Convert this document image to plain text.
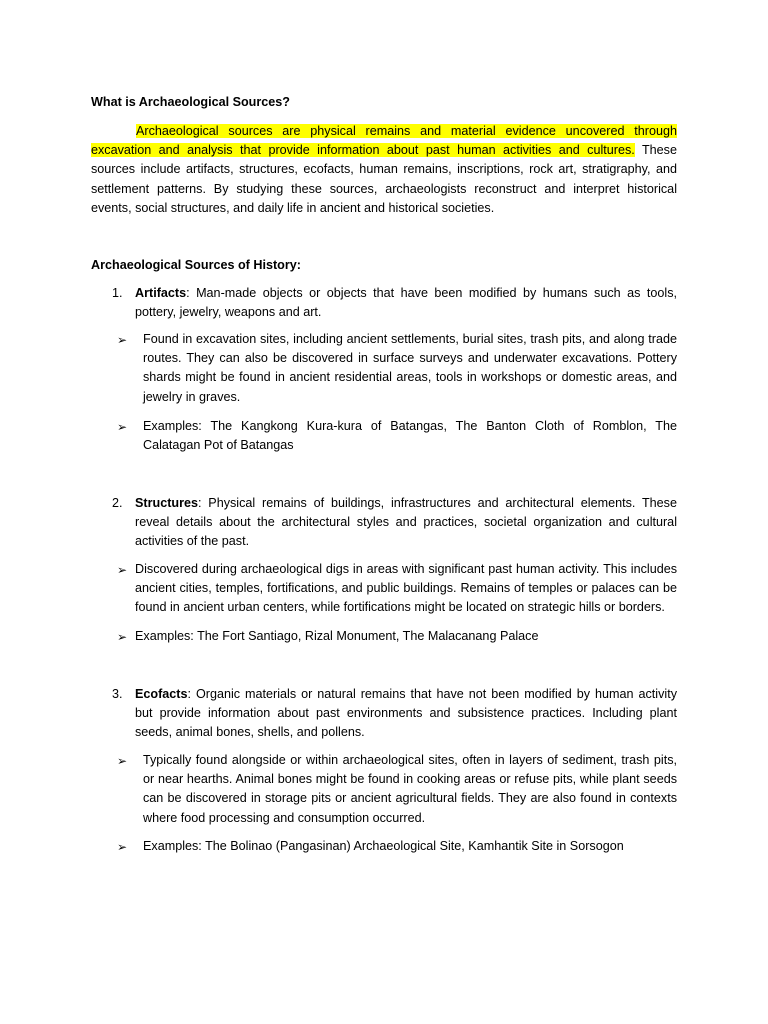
What is Archaeological Sources?
Archaeological sources are physical remains and material evidence uncovered through excavation and analysis that provide information about past human activities and cultures. These sources include artifacts, structures, ecofacts, human remains, inscriptions, rock art, stratigraphy, and settlement patterns. By studying these sources, archaeologists reconstruct and interpret historical events, social structures, and daily life in ancient and historical societies.
Archaeological Sources of History:
1. Artifacts: Man-made objects or objects that have been modified by humans such as tools, pottery, jewelry, weapons and art.
➢	Found in excavation sites, including ancient settlements, burial sites, trash pits, and along trade routes. They can also be discovered in surface surveys and underwater excavations. Pottery shards might be found in ancient residential areas, tools in workshops or domestic areas, and jewelry in graves.
➢	Examples: The Kangkong Kura-kura of Batangas, The Banton Cloth of Romblon, The Calatagan Pot of Batangas
2. Structures: Physical remains of buildings, infrastructures and architectural elements. These reveal details about the architectural styles and practices, societal organization and cultural activities of the past.
➢ Discovered during archaeological digs in areas with significant past human activity. This includes ancient cities, temples, fortifications, and public buildings. Remains of temples or palaces can be found in ancient urban centers, while fortifications might be located on strategic hills or borders.
➢ Examples: The Fort Santiago, Rizal Monument, The Malacanang Palace
3. Ecofacts: Organic materials or natural remains that have not been modified by human activity but provide information about past environments and subsistence practices. Including plant seeds, animal bones, shells, and pollens.
➢	Typically found alongside or within archaeological sites, often in layers of sediment, trash pits, or near hearths. Animal bones might be found in cooking areas or refuse pits, while plant seeds can be discovered in storage pits or ancient agricultural fields. They are also found in contexts where food processing and consumption occurred.
➢	Examples: The Bolinao (Pangasinan) Archaeological Site, Kamhantik Site in Sorsogon
